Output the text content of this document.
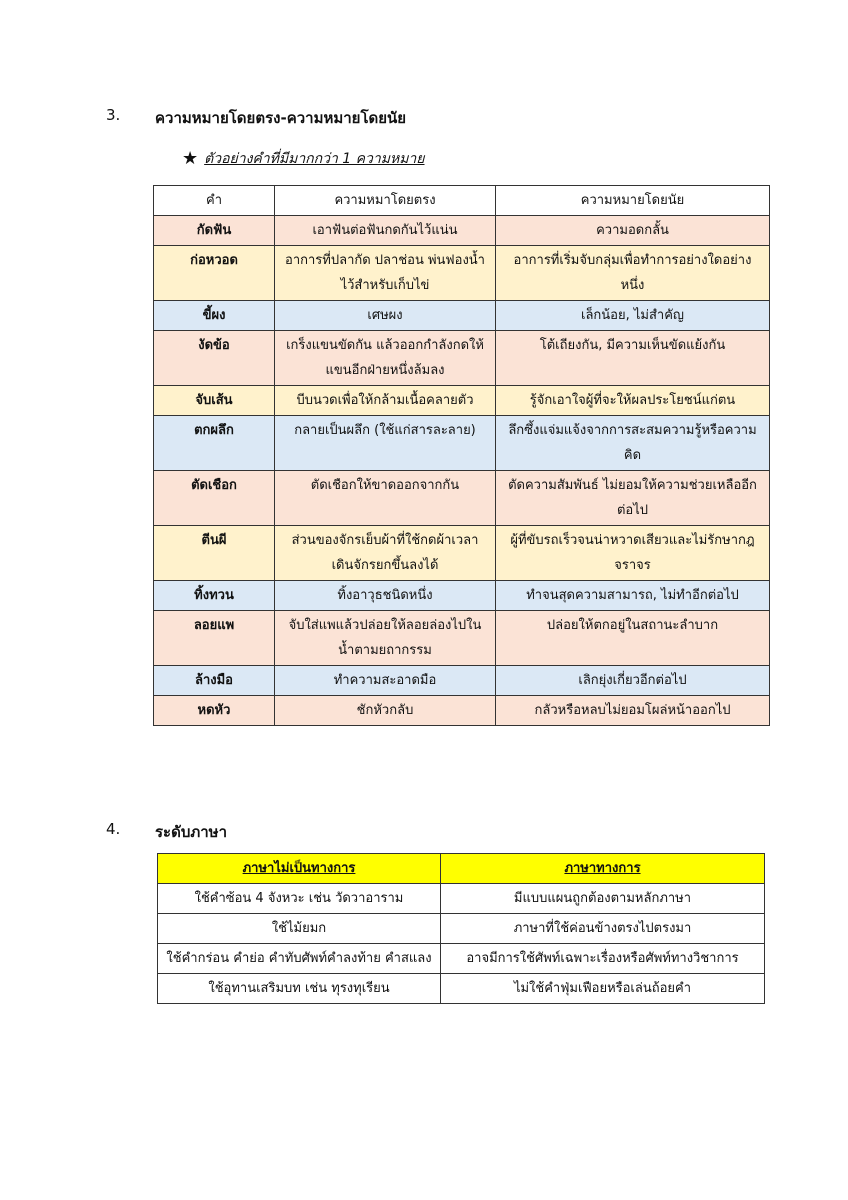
3. ความหมายโดยตรง-ความหมายโดยนัย
★ ตัวอย่างคำที่มีมากกว่า 1 ความหมาย
คำ	ความหมาโดยตรง	ความหมายโดยนัย
กัดฟัน	เอาฟันต่อฟันกดกันไว้แน่น	ความอดกลั้น
ก่อหวอด	อาการที่ปลากัด ปลาช่อน พ่นฟองน้ำไว้สำหรับเก็บไข่	อาการที่เริ่มจับกลุ่มเพื่อทำการอย่างใดอย่างหนึ่ง
ขี้ผง	เศษผง	เล็กน้อย, ไม่สำคัญ
งัดข้อ	เกร็งแขนขัดกัน แล้วออกกำลังกดให้แขนอีกฝ่ายหนึ่งล้มลง	โต้เถียงกัน, มีความเห็นขัดแย้งกัน
จับเส้น	บีบนวดเพื่อให้กล้ามเนื้อคลายตัว	รู้จักเอาใจผู้ที่จะให้ผลประโยชน์แก่ตน
ตกผลึก	กลายเป็นผลึก (ใช้แก่สารละลาย)	ลึกซึ้งแจ่มแจ้งจากการสะสมความรู้หรือความคิด
ตัดเชือก	ตัดเชือกให้ขาดออกจากกัน	ตัดความสัมพันธ์ ไม่ยอมให้ความช่วยเหลืออีกต่อไป
ตีนผี	ส่วนของจักรเย็บผ้าที่ใช้กดผ้าเวลาเดินจักรยกขึ้นลงได้	ผู้ที่ขับรถเร็วจนน่าหวาดเสียวและไม่รักษากฎจราจร
ทิ้งทวน	ทิ้งอาวุธชนิดหนึ่ง	ทำจนสุดความสามารถ, ไม่ทำอีกต่อไป
ลอยแพ	จับใส่แพแล้วปล่อยให้ลอยล่องไปในน้ำตามยถากรรม	ปล่อยให้ตกอยู่ในสถานะลำบาก
ล้างมือ	ทำความสะอาดมือ	เลิกยุ่งเกี่ยวอีกต่อไป
หดหัว	ชักหัวกลับ	กลัวหรือหลบไม่ยอมโผล่หน้าออกไป
4. ระดับภาษา
ภาษาไม่เป็นทางการ	ภาษาทางการ
ใช้คำซ้อน 4 จังหวะ เช่น วัดวาอาราม	มีแบบแผนถูกต้องตามหลักภาษา
ใช้ไม้ยมก	ภาษาที่ใช้ค่อนข้างตรงไปตรงมา
ใช้คำกร่อน คำย่อ คำทับศัพท์คำลงท้าย คำสแลง	อาจมีการใช้ศัพท์เฉพาะเรื่องหรือศัพท์ทางวิชาการ
ใช้อุทานเสริมบท เช่น ทุรงทุเรียน	ไม่ใช้คำฟุ่มเฟือยหรือเล่นถ้อยคำ
